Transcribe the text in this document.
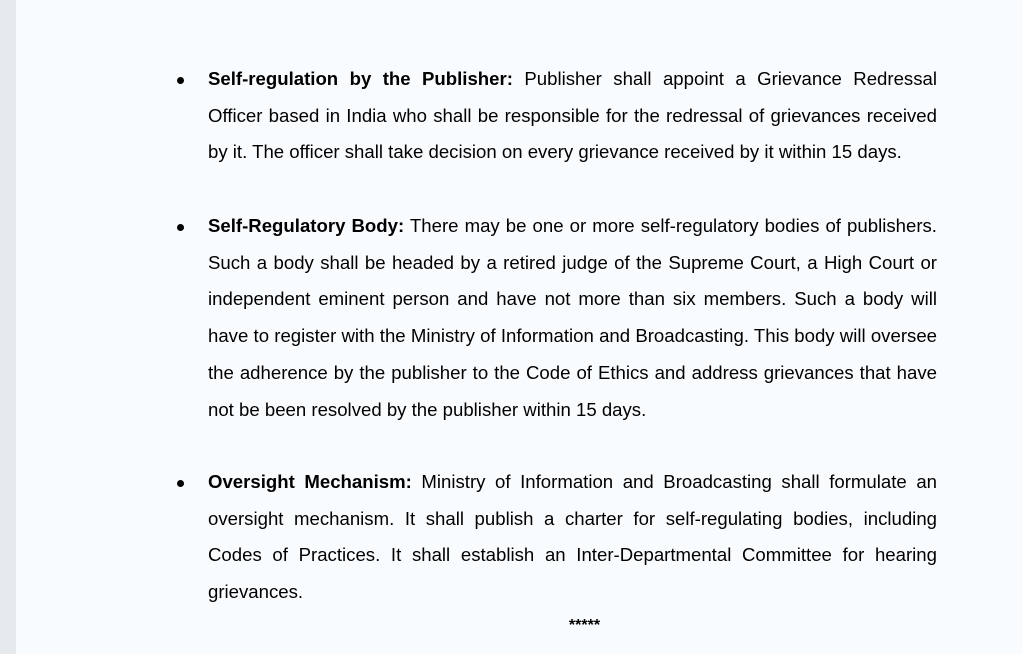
Self-regulation by the Publisher: Publisher shall appoint a Grievance Redressal Officer based in India who shall be responsible for the redressal of grievances received by it. The officer shall take decision on every grievance received by it within 15 days.

Self-Regulatory Body: There may be one or more self-regulatory bodies of publishers. Such a body shall be headed by a retired judge of the Supreme Court, a High Court or independent eminent person and have not more than six members. Such a body will have to register with the Ministry of Information and Broadcasting. This body will oversee the adherence by the publisher to the Code of Ethics and address grievances that have not be been resolved by the publisher within 15 days.

Oversight Mechanism: Ministry of Information and Broadcasting shall formulate an oversight mechanism. It shall publish a charter for self-regulating bodies, including Codes of Practices. It shall establish an Inter-Departmental Committee for hearing grievances.

*****
